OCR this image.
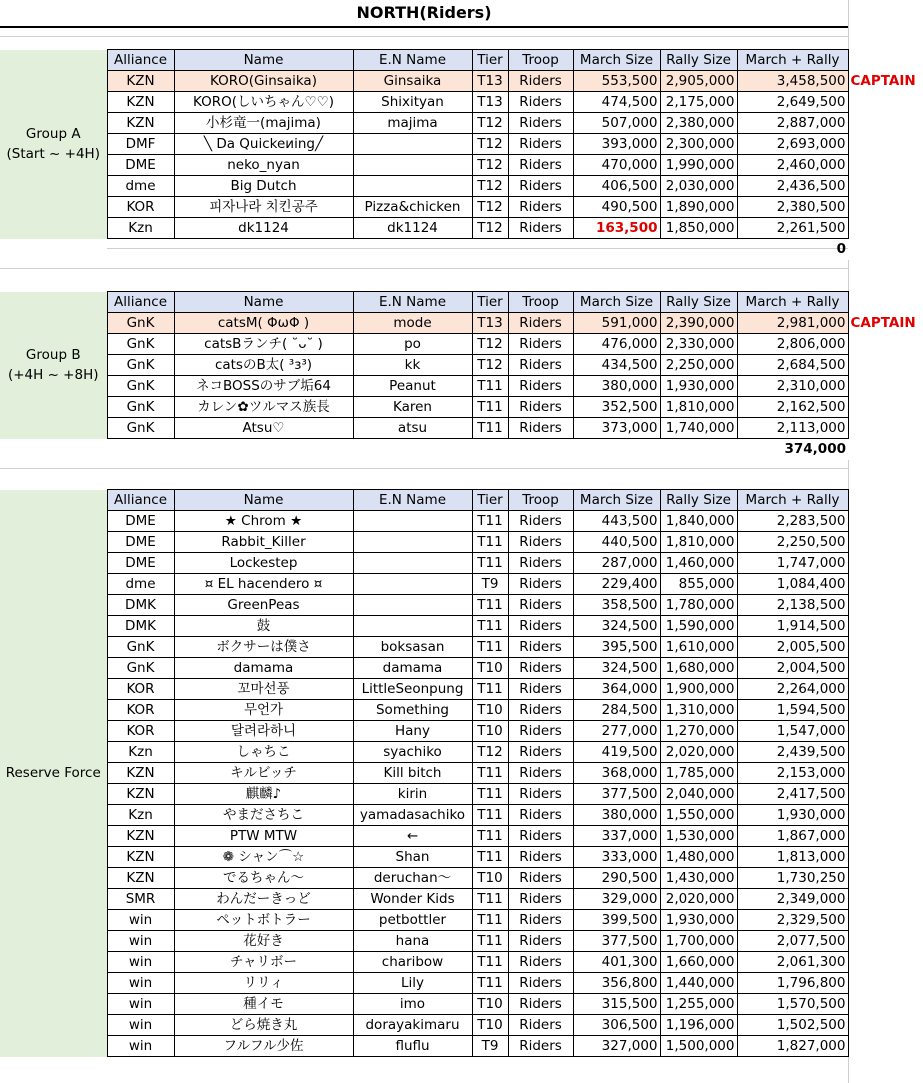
NORTH(Riders)
Group A
(Start ~ +4H)	Alliance	Name	E.N Name	Tier	Troop	March Size	Rally Size	March + Rally	
	KZN	KORO(Ginsaika)	Ginsaika	T13	Riders	553,500	2,905,000	3,458,500	CAPTAIN
	KZN	KORO(しいちゃん♡♡)	Shixityan	T13	Riders	474,500	2,175,000	2,649,500	
	KZN	小杉竜一(majima)	majima	T12	Riders	507,000	2,380,000	2,887,000	
	DMF	╲ Da Quickeиing╱		T12	Riders	393,000	2,300,000	2,693,000	
	DME	neko_nyan		T12	Riders	470,000	1,990,000	2,460,000	
	dme	Big Dutch		T12	Riders	406,500	2,030,000	2,436,500	
	KOR	피자나라 치킨공주	Pizza&chicken	T12	Riders	490,500	1,890,000	2,380,500	
	Kzn	dk1124	dk1124	T12	Riders	163,500	1,850,000	2,261,500	
								0	
Group B
(+4H ~ +8H)	Alliance	Name	E.N Name	Tier	Troop	March Size	Rally Size	March + Rally	
	GnK	catsM( ΦωΦ )	mode	T13	Riders	591,000	2,390,000	2,981,000	CAPTAIN
	GnK	catsBランチ( ˘ᴗ˘ )	po	T12	Riders	476,000	2,330,000	2,806,000	
	GnK	catsのB太( ³з³)	kk	T12	Riders	434,500	2,250,000	2,684,500	
	GnK	ネコBOSSのサブ垢64	Peanut	T11	Riders	380,000	1,930,000	2,310,000	
	GnK	カレン✿ツルマス族長	Karen	T11	Riders	352,500	1,810,000	2,162,500	
	GnK	Atsu♡	atsu	T11	Riders	373,000	1,740,000	2,113,000	
								374,000	
Reserve Force	Alliance	Name	E.N Name	Tier	Troop	March Size	Rally Size	March + Rally	
	DME	★ Chrom ★		T11	Riders	443,500	1,840,000	2,283,500	
	DME	Rabbit_Killer		T11	Riders	440,500	1,810,000	2,250,500	
	DME	Lockestep		T11	Riders	287,000	1,460,000	1,747,000	
	dme	¤ EL hacendero ¤		T9	Riders	229,400	855,000	1,084,400	
	DMK	GreenPeas		T11	Riders	358,500	1,780,000	2,138,500	
	DMK	鼓		T11	Riders	324,500	1,590,000	1,914,500	
	GnK	ボクサーは僕さ	boksasan	T11	Riders	395,500	1,610,000	2,005,500	
	GnK	damama	damama	T10	Riders	324,500	1,680,000	2,004,500	
	KOR	꼬마선풍	LittleSeonpung	T11	Riders	364,000	1,900,000	2,264,000	
	KOR	무언가	Something	T10	Riders	284,500	1,310,000	1,594,500	
	KOR	달려라하니	Hany	T10	Riders	277,000	1,270,000	1,547,000	
	Kzn	しゃちこ	syachiko	T12	Riders	419,500	2,020,000	2,439,500	
	KZN	キルビッチ	Kill bitch	T11	Riders	368,000	1,785,000	2,153,000	
	KZN	麒麟♪	kirin	T11	Riders	377,500	2,040,000	2,417,500	
	Kzn	やまださちこ	yamadasachiko	T11	Riders	380,000	1,550,000	1,930,000	
	KZN	PTW MTW	←	T11	Riders	337,000	1,530,000	1,867,000	
	KZN	❁ シャン⌒☆	Shan	T11	Riders	333,000	1,480,000	1,813,000	
	KZN	でるちゃん〜	deruchan〜	T10	Riders	290,500	1,430,000	1,730,250	
	SMR	わんだーきっど	Wonder Kids	T11	Riders	329,000	2,020,000	2,349,000	
	win	ペットボトラー	petbottler	T11	Riders	399,500	1,930,000	2,329,500	
	win	花好き	hana	T11	Riders	377,500	1,700,000	2,077,500	
	win	チャリボー	charibow	T11	Riders	401,300	1,660,000	2,061,300	
	win	リリィ	Lily	T11	Riders	356,800	1,440,000	1,796,800	
	win	種イモ	imo	T10	Riders	315,500	1,255,000	1,570,500	
	win	どら焼き丸	dorayakimaru	T10	Riders	306,500	1,196,000	1,502,500	
	win	フルフル少佐	fluflu	T9	Riders	327,000	1,500,000	1,827,000	
